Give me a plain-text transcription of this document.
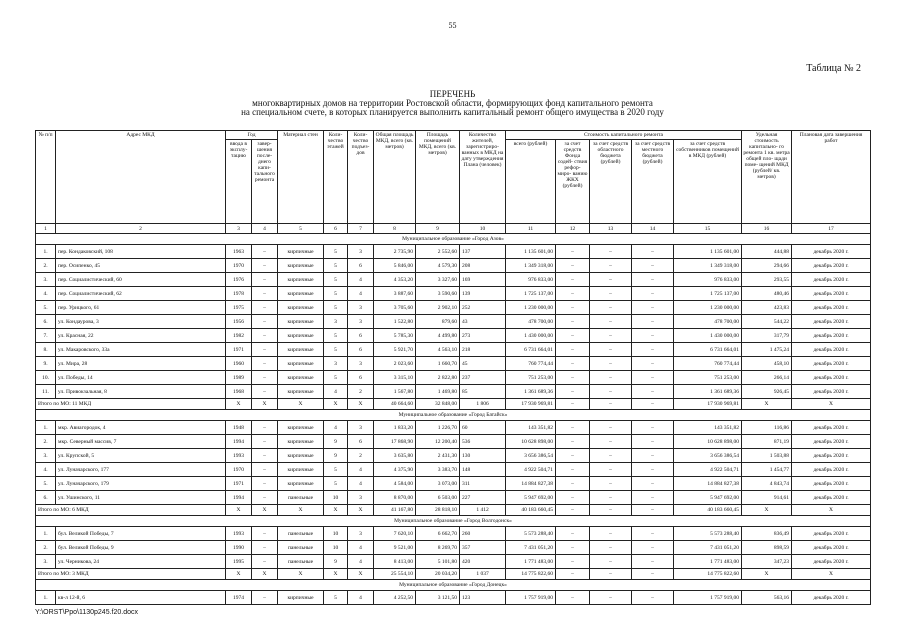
55
Таблица № 2
ПЕРЕЧЕНЬ
многоквартирных домов на территории Ростовской области, формирующих фонд капитального ремонта
на специальном счете, в которых планируется выполнить капитальный ремонт общего имущества в 2020 году
№ п/п	Адрес МКД	Год		Материал стен	Коли- чество этажей	Коли- чество подъез- дов	Общая площадь МКД, всего (кв. метров)	Площадь помещений МКД, всего (кв. метров)	Количество жителей, зарегистриро- ванных в МКД на дату утверждения Плана (человек)	Стоимость капитального ремонта					Удельная стоимость капитально- го ремонта 1 кв. метра общей пло- щади поме- щений МКД (рублей/ кв. метров)	Плановая дата завершения работ
		ввода в эксплу- тацию	завер- шения после- днего капи- тального ремонта							всего (рублей)	за счет средств Фонда содей- ствия рефор- миро- ванию ЖКХ (рублей)	за счет средств областного бюджета (рублей)	за счет средств местного бюджета (рублей)	за счет средств собственников помещений в МКД (рублей)		
1	2	3	4	5	6	7	8	9	10	11	12	13	14	15	16	17
Муниципальное образование «Город Азов»																
1.	пер. Кондаковский, 108	1963	–	кирпичные	5	3	2 735,90	2 552,60	137	1 135 601,00	–	–	–	1 135 601,00	444,88	декабрь 2020 г.
2.	пер. Осипенко, 45	1970	–	кирпичные	5	6	5 846,00	4 579,30	208	1 349 318,00	–	–	–	1 349 318,00	294,66	декабрь 2020 г.
3.	пер. Социалистический, 60	1976	–	кирпичные	5	4	4 353,20	3 327,60	169	976 833,00	–	–	–	976 833,00	293,55	декабрь 2020 г.
4.	пер. Социалистический, 62	1978	–	кирпичные	5	4	3 887,60	3 590,60	139	1 725 137,00	–	–	–	1 725 137,00	480,46	декабрь 2020 г.
5.	пер. Урицкого, 61	1975	–	кирпичные	5	3	3 705,60	2 902,10	252	1 230 000,00	–	–	–	1 230 000,00	423,83	декабрь 2020 г.
6.	ул. Кондаурова, 3	1956	–	кирпичные	3	3	1 522,80	879,60	43	478 700,00	–	–	–	478 700,00	544,22	декабрь 2020 г.
7.	ул. Красная, 22	1982	–	кирпичные	5	6	5 785,30	4 499,80	273	1 430 000,00	–	–	–	1 430 000,00	317,79	декабрь 2020 г.
8.	ул. Макаровского, 33а	1971	–	кирпичные	5	6	5 921,70	4 563,10	218	6 731 664,01	–	–	–	6 731 664,01	1 475,24	декабрь 2020 г.
9.	ул. Мира, 28	1960	–	кирпичные	3	3	2 023,60	1 660,70	45	760 774,44	–	–	–	760 774,44	458,10	декабрь 2020 г.
10.	ул. Победы, 14	1989	–	кирпичные	5	6	3 315,10	2 822,80	237	751 253,00	–	–	–	751 253,00	266,14	декабрь 2020 г.
11.	ул. Привокзальная, 8	1968	–	кирпичные	4	2	1 567,80	1 469,80	85	1 361 689,36	–	–	–	1 361 689,36	926,45	декабрь 2020 г.
Итого по МО: 11 МКД		X	X	X	X	X	40 664,60	32 848,00	1 806	17 930 969,81	–	–	–	17 930 969,81	X	X
Муниципальное образование «Город Батайск»																
1.	мкр. Авиагородок, 4	1948	–	кирпичные	4	3	1 833,20	1 226,70	60	143 351,82	–	–	–	143 351,82	116,86	декабрь 2020 г.
2.	мкр. Северный массив, 7	1994	–	кирпичные	9	6	17 868,90	12 200,40	536	10 628 898,00	–	–	–	10 628 898,00	871,19	декабрь 2020 г.
3.	ул. Крупской, 5	1993	–	кирпичные	9	2	3 635,80	2 431,30	130	3 656 386,54	–	–	–	3 656 386,54	1 503,88	декабрь 2020 г.
4.	ул. Луначарского, 177	1970	–	кирпичные	5	4	4 375,90	3 383,70	148	4 922 504,71	–	–	–	4 922 504,71	1 454,77	декабрь 2020 г.
5.	ул. Луначарского, 179	1971	–	кирпичные	5	4	4 584,00	3 073,00	311	14 884 827,38	–	–	–	14 884 827,38	4 843,74	декабрь 2020 г.
6.	ул. Ушинского, 11	1994	–	панельные	10	3	8 870,00	6 503,00	227	5 947 692,00	–	–	–	5 947 692,00	914,61	декабрь 2020 г.
Итого по МО: 6 МКД		X	X	X	X	X	41 167,80	28 818,10	1 412	40 183 660,45	–	–	–	40 183 660,45	X	X
Муниципальное образование «Город Волгодонск»																
1.	бул. Великой Победы, 7	1993	–	панельные	10	3	7 620,10	6 662,70	260	5 573 288,40	–	–	–	5 573 288,40	836,49	декабрь 2020 г.
2.	бул. Великой Победы, 9	1990	–	панельные	10	4	9 521,00	8 269,70	357	7 431 051,20	–	–	–	7 431 051,20	898,59	декабрь 2020 г.
3.	ул. Черникова, 24	1995	–	панельные	9	4	8 413,00	5 101,80	420	1 771 483,00	–	–	–	1 771 483,00	347,23	декабрь 2020 г.
Итого по МО: 3 МКД		X	X	X	X	X	25 554,10	20 034,20	1 037	14 775 822,60	–	–	–	14 775 822,60	X	X
Муниципальное образование «Город Донецк»																
1.	кв-л 12-й, 6	1974	–	кирпичные	5	4	4 252,50	3 121,50	123	1 757 919,00	–	–	–	1 757 919,00	563,16	декабрь 2020 г.
Y:\ORST\Ppo\1130p245.f20.docx
